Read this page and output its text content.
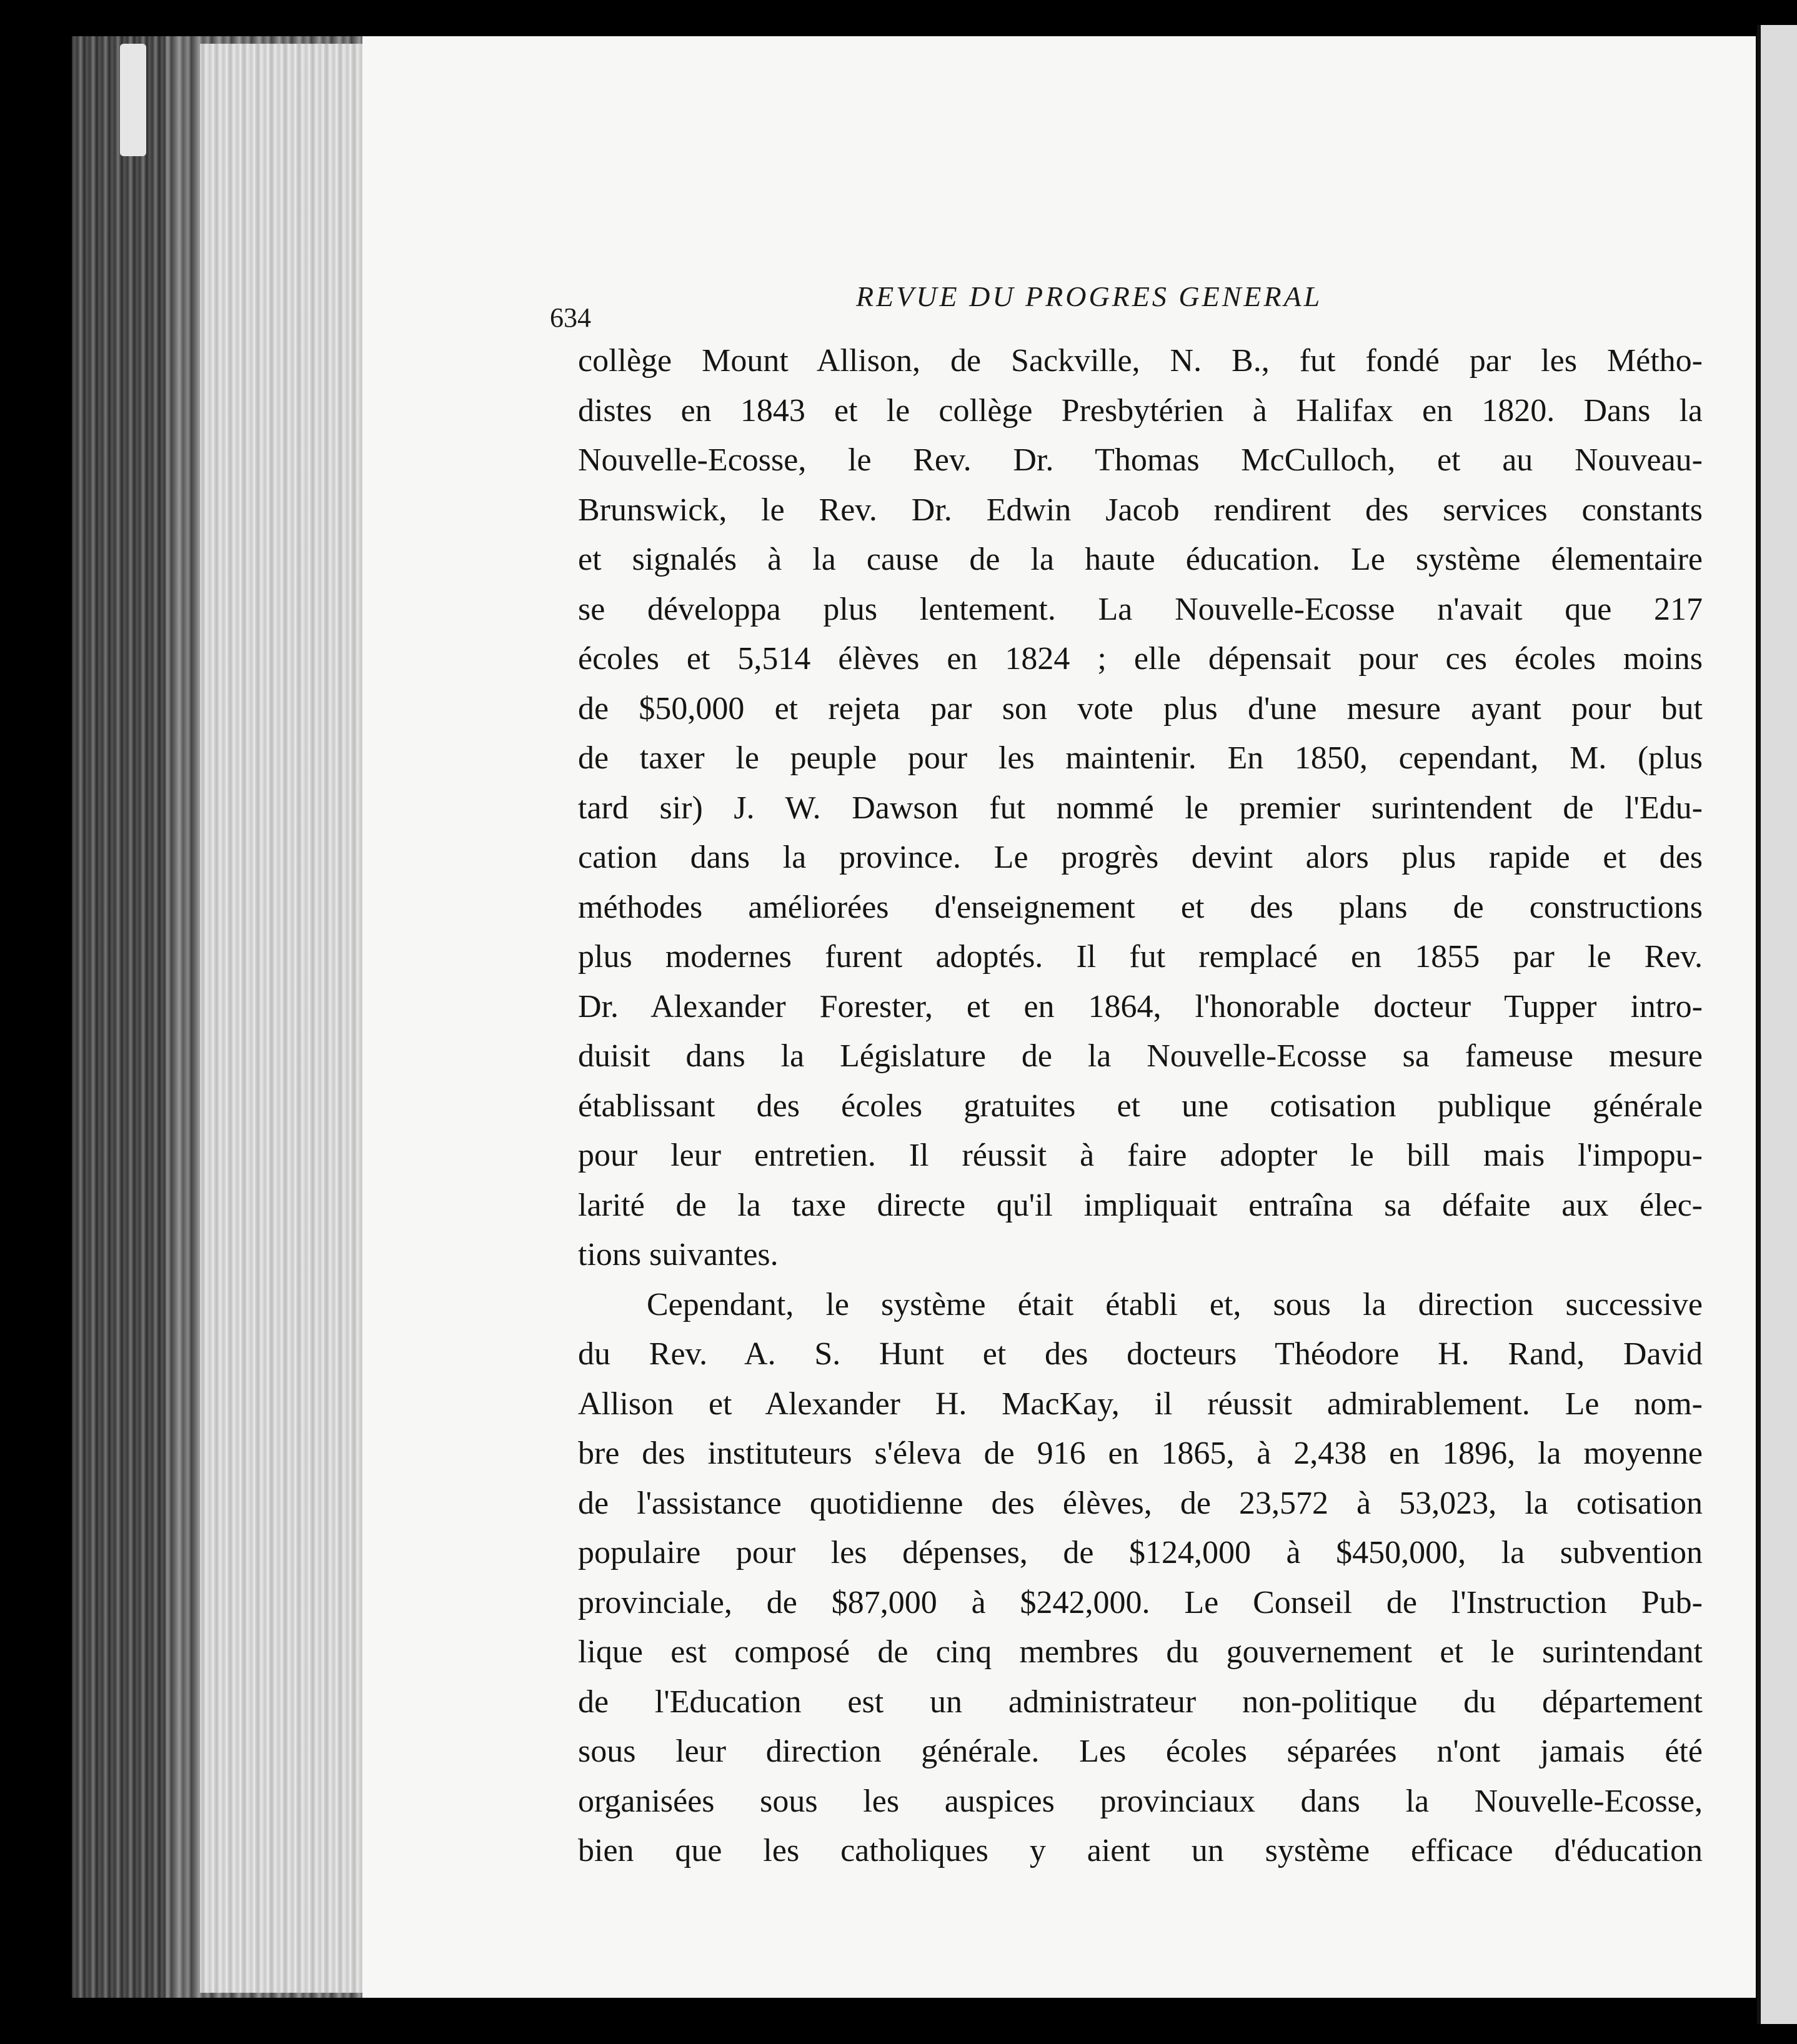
634
REVUE DU PROGRES GENERAL
collège Mount Allison, de Sackville, N. B., fut fondé par les Métho-
distes en 1843 et le collège Presbytérien à Halifax en 1820. Dans la
Nouvelle-Ecosse, le Rev. Dr. Thomas McCulloch, et au Nouveau-
Brunswick, le Rev. Dr. Edwin Jacob rendirent des services constants
et signalés à la cause de la haute éducation. Le système élementaire
se développa plus lentement. La Nouvelle-Ecosse n'avait que 217
écoles et 5,514 élèves en 1824 ; elle dépensait pour ces écoles moins
de $50,000 et rejeta par son vote plus d'une mesure ayant pour but
de taxer le peuple pour les maintenir. En 1850, cependant, M. (plus
tard sir) J. W. Dawson fut nommé le premier surintendent de l'Edu-
cation dans la province. Le progrès devint alors plus rapide et des
méthodes améliorées d'enseignement et des plans de constructions
plus modernes furent adoptés. Il fut remplacé en 1855 par le Rev.
Dr. Alexander Forester, et en 1864, l'honorable docteur Tupper intro-
duisit dans la Législature de la Nouvelle-Ecosse sa fameuse mesure
établissant des écoles gratuites et une cotisation publique générale
pour leur entretien. Il réussit à faire adopter le bill mais l'impopu-
larité de la taxe directe qu'il impliquait entraîna sa défaite aux élec-
tions suivantes.
Cependant, le système était établi et, sous la direction successive
du Rev. A. S. Hunt et des docteurs Théodore H. Rand, David
Allison et Alexander H. MacKay, il réussit admirablement. Le nom-
bre des instituteurs s'éleva de 916 en 1865, à 2,438 en 1896, la moyenne
de l'assistance quotidienne des élèves, de 23,572 à 53,023, la cotisation
populaire pour les dépenses, de $124,000 à $450,000, la subvention
provinciale, de $87,000 à $242,000. Le Conseil de l'Instruction Pub-
lique est composé de cinq membres du gouvernement et le surintendant
de l'Education est un administrateur non-politique du département
sous leur direction générale. Les écoles séparées n'ont jamais été
organisées sous les auspices provinciaux dans la Nouvelle-Ecosse,
bien que les catholiques y aient un système efficace d'éducation
